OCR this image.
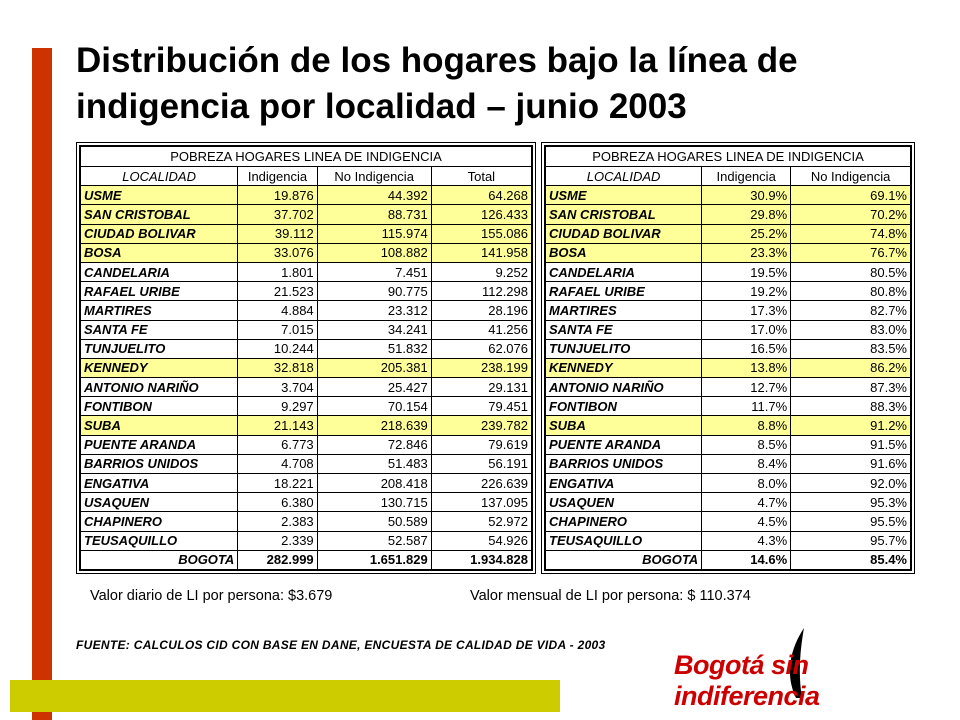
Distribución de los hogares bajo la línea de indigencia por localidad – junio 2003
POBREZA HOGARES LINEA DE INDIGENCIA			
LOCALIDAD	Indigencia	No Indigencia	Total
USME	19.876	44.392	64.268
SAN CRISTOBAL	37.702	88.731	126.433
CIUDAD BOLIVAR	39.112	115.974	155.086
BOSA	33.076	108.882	141.958
CANDELARIA	1.801	7.451	9.252
RAFAEL URIBE	21.523	90.775	112.298
MARTIRES	4.884	23.312	28.196
SANTA FE	7.015	34.241	41.256
TUNJUELITO	10.244	51.832	62.076
KENNEDY	32.818	205.381	238.199
ANTONIO NARIÑO	3.704	25.427	29.131
FONTIBON	9.297	70.154	79.451
SUBA	21.143	218.639	239.782
PUENTE ARANDA	6.773	72.846	79.619
BARRIOS UNIDOS	4.708	51.483	56.191
ENGATIVA	18.221	208.418	226.639
USAQUEN	6.380	130.715	137.095
CHAPINERO	2.383	50.589	52.972
TEUSAQUILLO	2.339	52.587	54.926
BOGOTA	282.999	1.651.829	1.934.828
POBREZA HOGARES LINEA DE INDIGENCIA		
LOCALIDAD	Indigencia	No Indigencia
USME	30.9%	69.1%
SAN CRISTOBAL	29.8%	70.2%
CIUDAD BOLIVAR	25.2%	74.8%
BOSA	23.3%	76.7%
CANDELARIA	19.5%	80.5%
RAFAEL URIBE	19.2%	80.8%
MARTIRES	17.3%	82.7%
SANTA FE	17.0%	83.0%
TUNJUELITO	16.5%	83.5%
KENNEDY	13.8%	86.2%
ANTONIO NARIÑO	12.7%	87.3%
FONTIBON	11.7%	88.3%
SUBA	8.8%	91.2%
PUENTE ARANDA	8.5%	91.5%
BARRIOS UNIDOS	8.4%	91.6%
ENGATIVA	8.0%	92.0%
USAQUEN	4.7%	95.3%
CHAPINERO	4.5%	95.5%
TEUSAQUILLO	4.3%	95.7%
BOGOTA	14.6%	85.4%
Valor diario de LI por persona: $3.679	Valor mensual de LI por persona: $ 110.374
FUENTE: CALCULOS CID CON BASE EN DANE, ENCUESTA DE CALIDAD DE VIDA - 2003
Bogotá sin indiferencia
